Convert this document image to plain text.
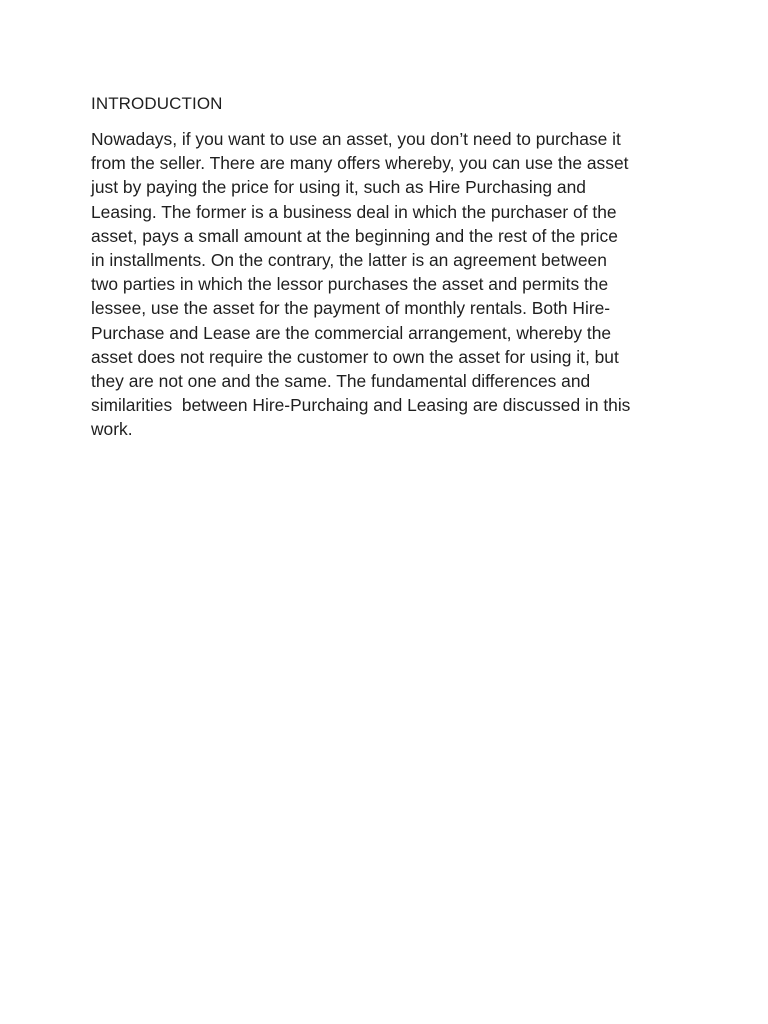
INTRODUCTION

Nowadays, if you want to use an asset, you don’t need to purchase it
from the seller. There are many offers whereby, you can use the asset
just by paying the price for using it, such as Hire Purchasing and
Leasing. The former is a business deal in which the purchaser of the
asset, pays a small amount at the beginning and the rest of the price
in installments. On the contrary, the latter is an agreement between
two parties in which the lessor purchases the asset and permits the
lessee, use the asset for the payment of monthly rentals. Both Hire-
Purchase and Lease are the commercial arrangement, whereby the
asset does not require the customer to own the asset for using it, but
they are not one and the same. The fundamental differences and
similarities  between Hire-Purchaing and Leasing are discussed in this
work.
